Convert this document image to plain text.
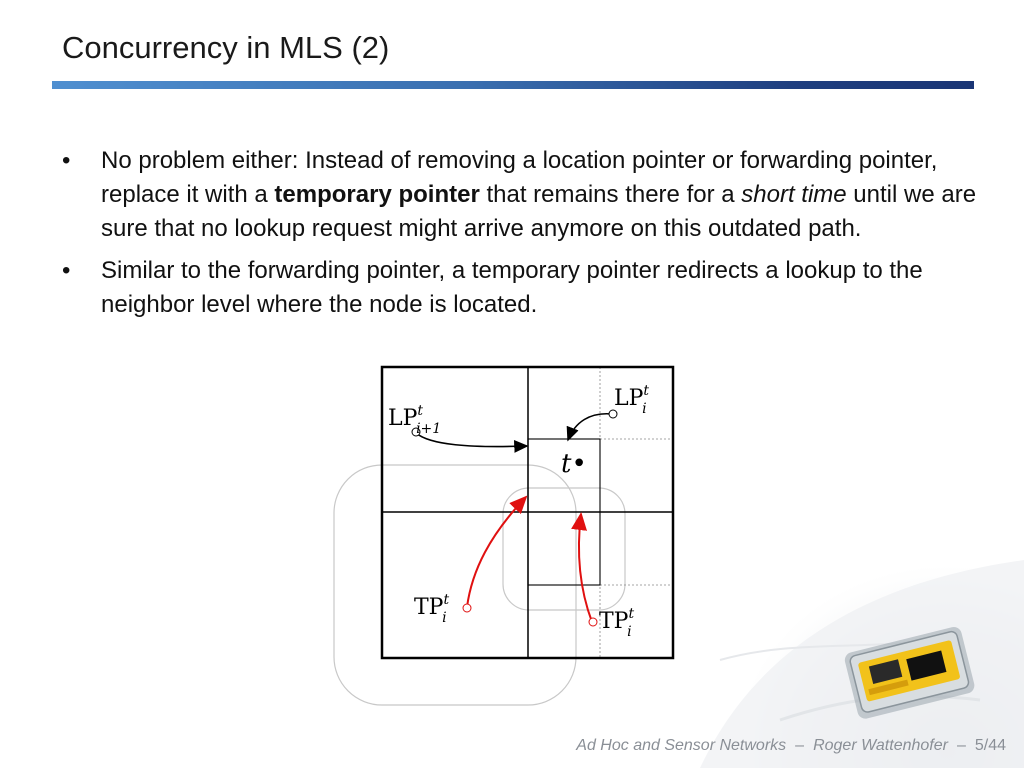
Concurrency in MLS (2)
• No problem either: Instead of removing a location pointer or forwarding pointer, replace it with a temporary pointer that remains there for a short time until we are sure that no lookup request might arrive anymore on this outdated path.
• Similar to the forwarding pointer, a temporary pointer redirects a lookup to the neighbor level where the node is located.
$LP^t$ i+1
$LP^t$ i
t•
$TP^t$ i	$TP^t$ i
Ad Hoc and Sensor Networks – Roger Wattenhofer – 5/44
